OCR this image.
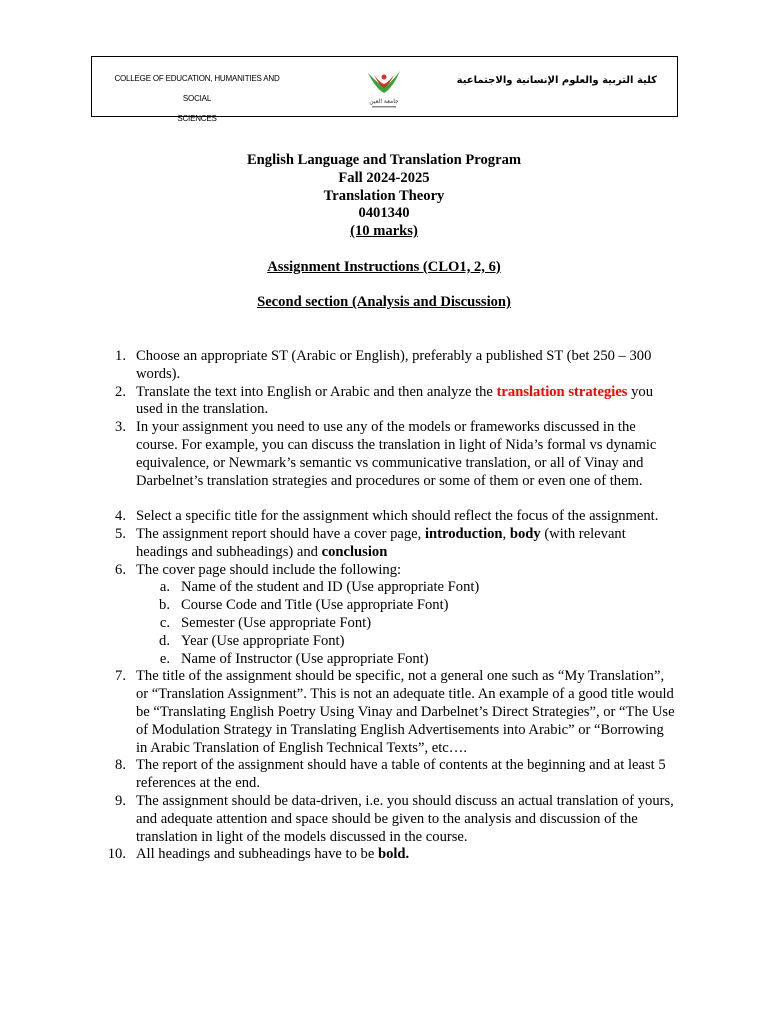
COLLEGE OF EDUCATION, HUMANITIES AND SOCIAL
SCIENCES
جامعة العين
كلية التربية والعلوم الإنسانية والاجتماعية
English Language and Translation Program
Fall 2024-2025
Translation Theory
0401340
(10 marks)
Assignment Instructions (CLO1, 2, 6)
Second section (Analysis and Discussion)
1. Choose an appropriate ST (Arabic or English), preferably a published ST (bet 250 – 300 words).
2. Translate the text into English or Arabic and then analyze the translation strategies you used in the translation.
3. In your assignment you need to use any of the models or frameworks discussed in the course. For example, you can discuss the translation in light of Nida’s formal vs dynamic equivalence, or Newmark’s semantic vs communicative translation, or all of Vinay and Darbelnet’s translation strategies and procedures or some of them or even one of them.
4. Select a specific title for the assignment which should reflect the focus of the assignment.
5. The assignment report should have a cover page, introduction, body (with relevant headings and subheadings) and conclusion
6. The cover page should include the following:
a. Name of the student and ID (Use appropriate Font)
b. Course Code and Title (Use appropriate Font)
c. Semester (Use appropriate Font)
d. Year (Use appropriate Font)
e. Name of Instructor (Use appropriate Font)
7. The title of the assignment should be specific, not a general one such as “My Translation”, or “Translation Assignment”. This is not an adequate title. An example of a good title would be “Translating English Poetry Using Vinay and Darbelnet’s Direct Strategies”, or “The Use of Modulation Strategy in Translating English Advertisements into Arabic” or “Borrowing in Arabic Translation of English Technical Texts”, etc….
8. The report of the assignment should have a table of contents at the beginning and at least 5 references at the end.
9. The assignment should be data-driven, i.e. you should discuss an actual translation of yours, and adequate attention and space should be given to the analysis and discussion of the translation in light of the models discussed in the course.
10. All headings and subheadings have to be bold.
